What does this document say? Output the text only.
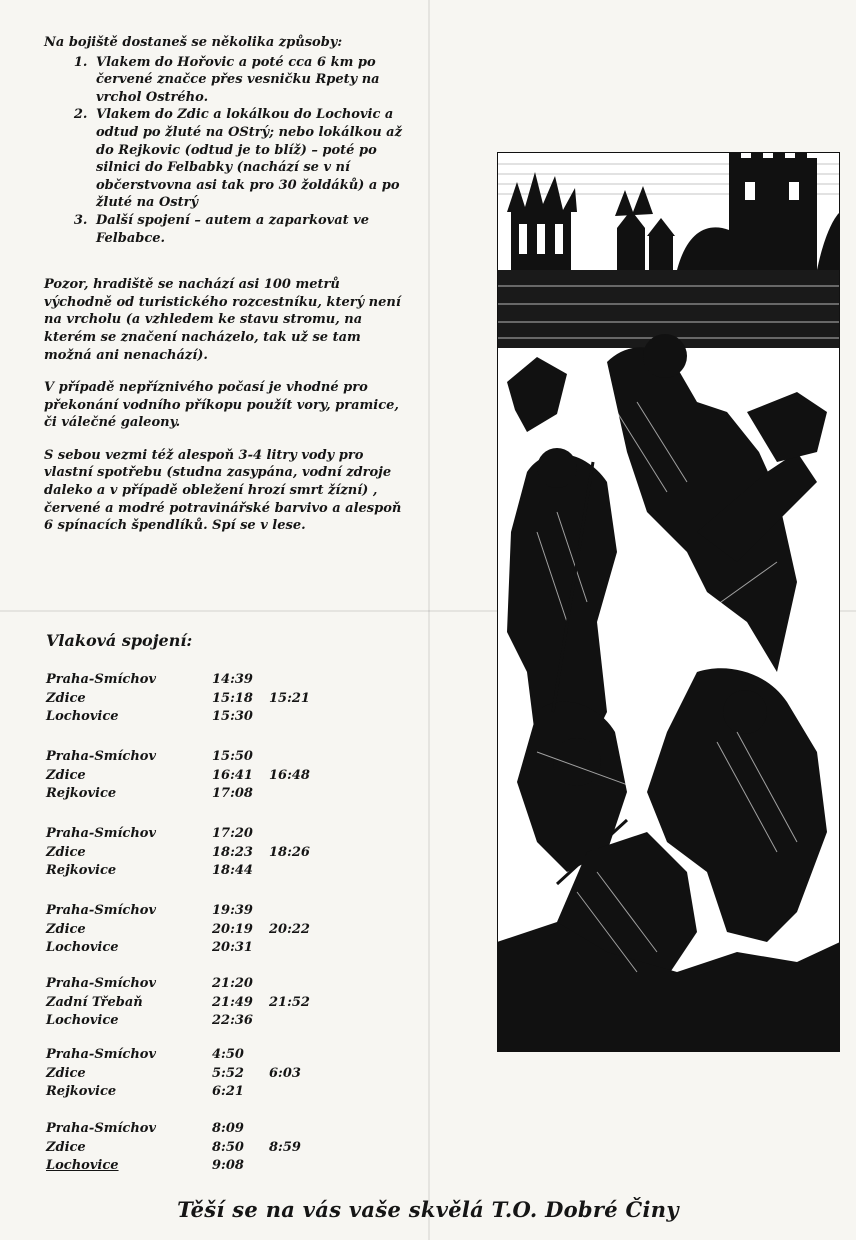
Na bojiště dostaneš se několika způsoby:
1. Vlakem do Hořovic a poté cca 6 km po červené značce přes vesničku Rpety na vrchol Ostrého.
2. Vlakem do Zdic a lokálkou do Lochovic a odtud po žluté na OStrý; nebo lokálkou až do Rejkovic (odtud je to blíž) – poté po silnici do Felbabky (nachází se v ní občerstvovna asi tak pro 30 žoldáků) a po žluté na Ostrý
3. Další spojení – autem a zaparkovat ve Felbabce.

Pozor, hradiště se nachází asi 100 metrů východně od turistického rozcestníku, který není na vrcholu (a vzhledem ke stavu stromu, na kterém se značení nacházelo, tak už se tam možná ani nenachází).

V případě nepříznivého počasí je vhodné pro překonání vodního příkopu použít vory, pramice, či válečné galeony.

S sebou vezmi též alespoň 3-4 litry vody pro vlastní spotřebu (studna zasypána, vodní zdroje daleko a v případě obležení hrozí smrt žízní) , červené a modré potravinářské barvivo a alespoň 6 spínacích špendlíků. Spí se v lese.

Vlaková spojení:
Praha-Smíchov	14:39
Zdice	15:18 15:21
Lochovice	15:30
Praha-Smíchov	15:50
Zdice	16:41 16:48
Rejkovice	17:08
Praha-Smíchov	17:20
Zdice	18:23 18:26
Rejkovice	18:44
Praha-Smíchov	19:39
Zdice	20:19 20:22
Lochovice	20:31
Praha-Smíchov	21:20
Zadní Třebaň	21:49 21:52
Lochovice	22:36
Praha-Smíchov	4:50
Zdice	5:52 6:03
Rejkovice	6:21
Praha-Smíchov	8:09
Zdice	8:50 8:59
Lochovice	9:08
Těší se na vás vaše skvělá T.O. Dobré Činy
